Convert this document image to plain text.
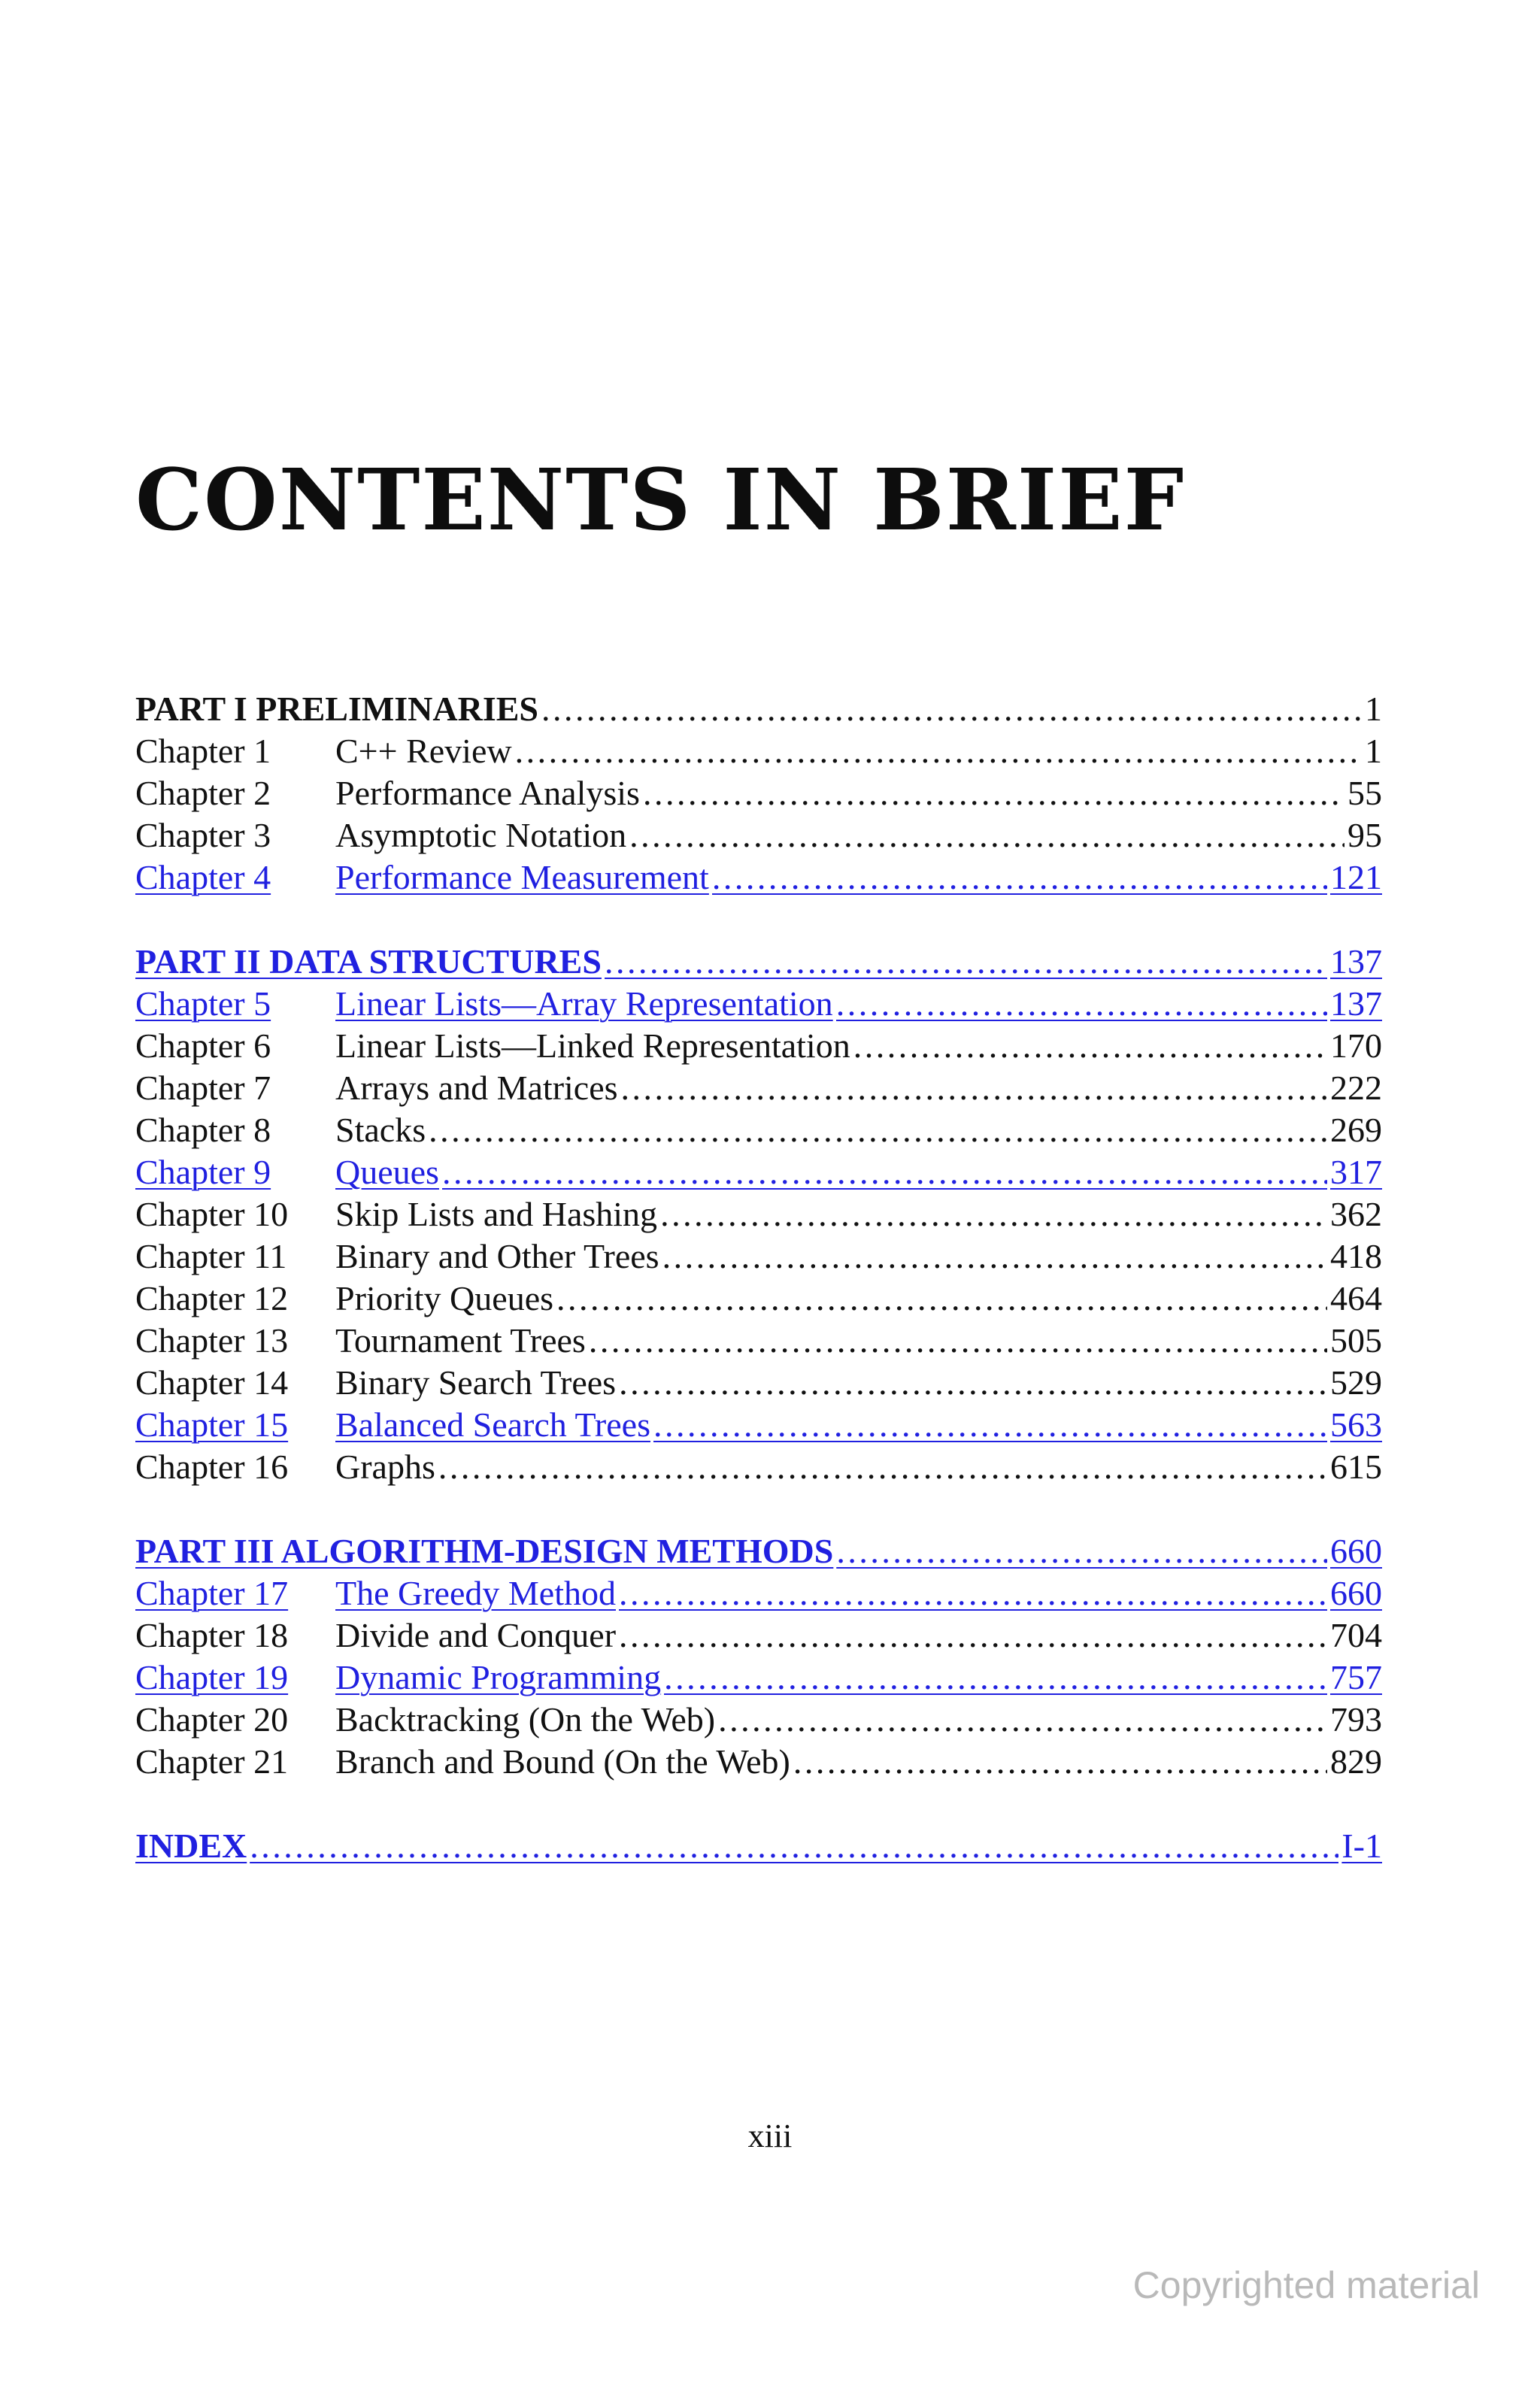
CONTENTS IN BRIEF
PART I PRELIMINARIES . . .	1
Chapter 1	C++ Review . . .	1
Chapter 2	Performance Analysis . . .	55
Chapter 3	Asymptotic Notation . . .	95
Chapter 4	Performance Measurement . . .	121
PART II DATA STRUCTURES . . .	137
Chapter 5	Linear Lists—Array Representation . . .	137
Chapter 6	Linear Lists—Linked Representation . . .	170
Chapter 7	Arrays and Matrices . . .	222
Chapter 8	Stacks . . .	269
Chapter 9	Queues . . .	317
Chapter 10	Skip Lists and Hashing . . .	362
Chapter 11	Binary and Other Trees . . .	418
Chapter 12	Priority Queues . . .	464
Chapter 13	Tournament Trees . . .	505
Chapter 14	Binary Search Trees . . .	529
Chapter 15	Balanced Search Trees . . .	563
Chapter 16	Graphs . . .	615
PART III ALGORITHM-DESIGN METHODS . . .	660
Chapter 17	The Greedy Method . . .	660
Chapter 18	Divide and Conquer . . .	704
Chapter 19	Dynamic Programming . . .	757
Chapter 20	Backtracking (On the Web) . . .	793
Chapter 21	Branch and Bound (On the Web) . . .	829
INDEX . . .	I-1
xiii
Copyrighted material
